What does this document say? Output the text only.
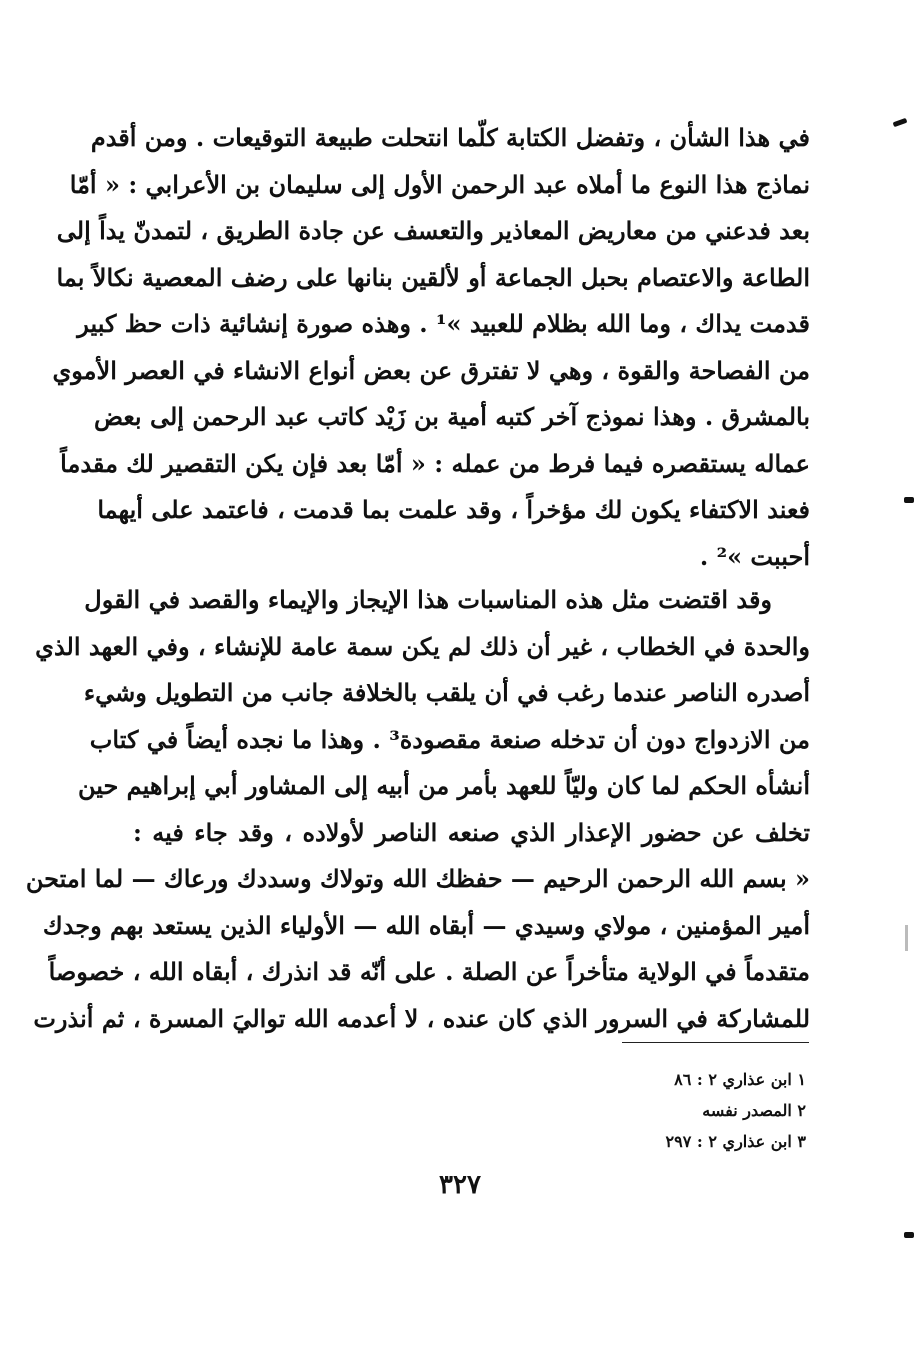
في هذا الشأن ، وتفضل الكتابة كلّما انتحلت طبيعة التوقيعات . ومن أقدم
نماذج هذا النوع ما أملاه عبد الرحمن الأول إلى سليمان بن الأعرابي : « أمّا
بعد فدعني من معاريض المعاذير والتعسف عن جادة الطريق ، لتمدنّ يداً إلى
الطاعة والاعتصام بحبل الجماعة أو لألقين بنانها على رضف المعصية نكالاً بما
قدمت يداك ، وما الله بظلام للعبيد »¹ . وهذه صورة إنشائية ذات حظ كبير
من الفصاحة والقوة ، وهي لا تفترق عن بعض أنواع الانشاء في العصر الأموي
بالمشرق . وهذا نموذج آخر كتبه أمية بن زَيْد كاتب عبد الرحمن إلى بعض
عماله يستقصره فيما فرط من عمله : « أمّا بعد فإن يكن التقصير لك مقدماً
فعند الاكتفاء يكون لك مؤخراً ، وقد علمت بما قدمت ، فاعتمد على أيهما
أحببت »² .
وقد اقتضت مثل هذه المناسبات هذا الإيجاز والإيماء والقصد في القول
والحدة في الخطاب ، غير أن ذلك لم يكن سمة عامة للإنشاء ، وفي العهد الذي
أصدره الناصر عندما رغب في أن يلقب بالخلافة جانب من التطويل وشيء
من الازدواج دون أن تدخله صنعة مقصودة³ . وهذا ما نجده أيضاً في كتاب
أنشأه الحكم لما كان وليّاً للعهد بأمر من أبيه إلى المشاور أبي إبراهيم حين
تخلف عن حضور الإعذار الذي صنعه الناصر لأولاده ، وقد جاء فيه :
« بسم الله الرحمن الرحيم — حفظك الله وتولاك وسددك ورعاك — لما امتحن
أمير المؤمنين ، مولاي وسيدي — أبقاه الله — الأولياء الذين يستعد بهم وجدك
متقدماً في الولاية متأخراً عن الصلة . على أنّه قد انذرك ، أبقاه الله ، خصوصاً
للمشاركة في السرور الذي كان عنده ، لا أعدمه الله تواليَ المسرة ، ثم أنذرت
١ ابن عذاري ٢ : ٨٦
٢ المصدر نفسه
٣ ابن عذاري ٢ : ٢٩٧
٣٢٧
